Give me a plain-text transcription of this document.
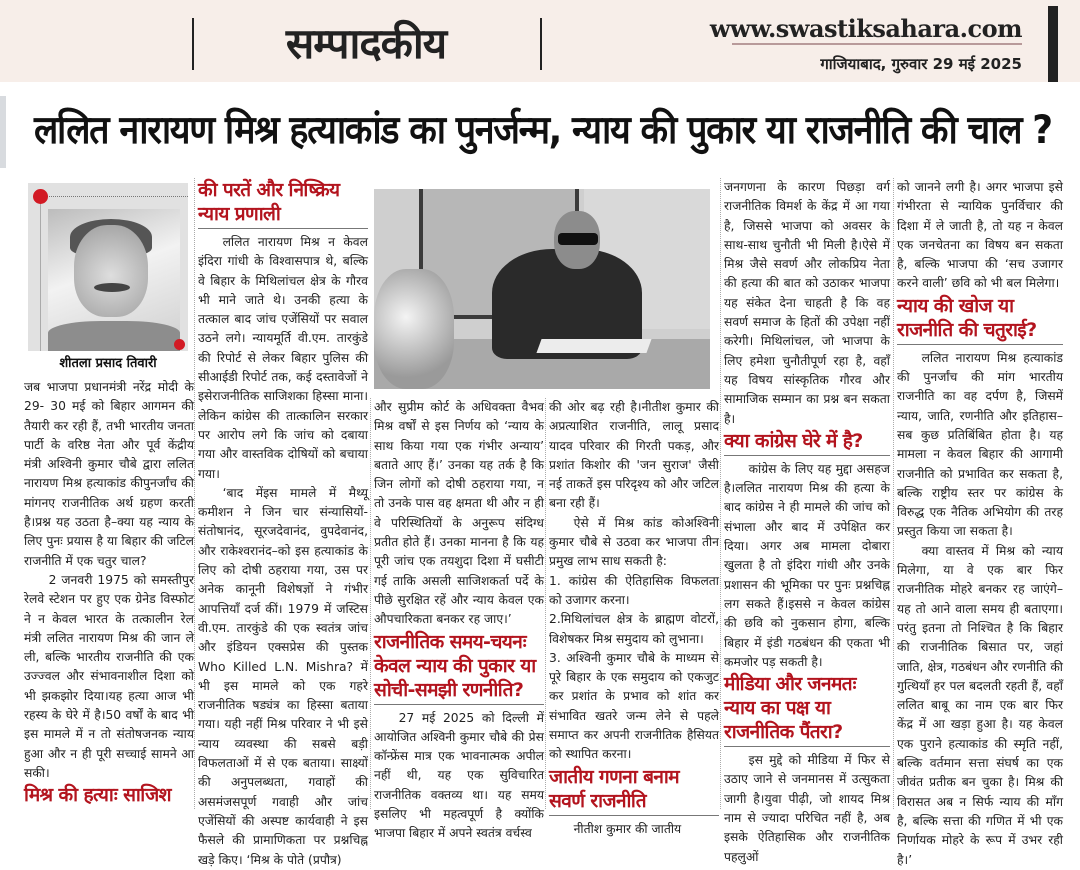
सम्पादकीय	www.swastiksahara.com
गाजियाबाद, गुरुवार 29 मई 2025
ललित नारायण मिश्र हत्याकांड का पुनर्जन्म, न्याय की पुकार या राजनीति की चाल ?
शीतला प्रसाद तिवारी

जब भाजपा प्रधानमंत्री नरेंद्र मोदी के 29- 30 मई को बिहार आगमन की तैयारी कर रही हैं, तभी भारतीय जनता पार्टी के वरिष्ठ नेता और पूर्व केंद्रीय मंत्री अश्विनी कुमार चौबे द्वारा ललित नारायण मिश्र हत्याकांड कीपुनर्जांच की मांगनए राजनीतिक अर्थ ग्रहण करती है।प्रश्न यह उठता है–क्या यह न्याय के लिए पुनः प्रयास है या बिहार की जटिल राजनीति में एक चतुर चाल?

2 जनवरी 1975 को समस्तीपुर रेलवे स्टेशन पर हुए एक ग्रेनेड विस्फोट ने न केवल भारत के तत्कालीन रेल मंत्री ललित नारायण मिश्र की जान ले ली, बल्कि भारतीय राजनीति की एक उज्ज्वल और संभावनाशील दिशा को भी झकझोर दिया।यह हत्या आज भी रहस्य के घेरे में है।50 वर्षों के बाद भी इस मामले में न तो संतोषजनक न्याय हुआ और न ही पूरी सच्चाई सामने आ सकी।

मिश्र की हत्याः साजिश
की परतें और निष्क्रिय न्याय प्रणाली

ललित नारायण मिश्र न केवल इंदिरा गांधी के विश्वासपात्र थे, बल्कि वे बिहार के मिथिलांचल क्षेत्र के गौरव भी माने जाते थे। उनकी हत्या के तत्काल बाद जांच एजेंसियों पर सवाल उठने लगे। न्यायमूर्ति वी.एम. तारकुंडे की रिपोर्ट से लेकर बिहार पुलिस की सीआईडी रिपोर्ट तक, कई दस्तावेजों ने इसेराजनीतिक साजिशका हिस्सा माना। लेकिन कांग्रेस की तात्कालिन सरकार पर आरोप लगे कि जांच को दबाया गया और वास्तविक दोषियों को बचाया गया।

‘बाद मेंइस मामले में मैथ्यू कमीशन ने जिन चार संन्यासियों- संतोषानंद, सूरजदेवानंद, वुपदेवानंद, और राकेश्वरानंद–को इस हत्याकांड के लिए को दोषी ठहराया गया, उस पर अनेक कानूनी विशेषज्ञों ने गंभीर आपत्तियाँ दर्ज कीं। 1979 में जस्टिस वी.एम. तारकुंडे की एक स्वतंत्र जांच और इंडियन एक्सप्रेस की पुस्तक Who Killed L.N. Mishra? में भी इस मामले को एक गहरे राजनीतिक षड्यंत्र का हिस्सा बताया गया। यही नहीं मिश्र परिवार ने भी इसे न्याय व्यवस्था की सबसे बड़ी विफलताओं में से एक बताया। साक्ष्यों की अनुपलब्धता, गवाहों की असमंजसपूर्ण गवाही और जांच एजेंसियों की अस्पष्ट कार्यवाही ने इस फैसले की प्रामाणिकता पर प्रश्नचिह्न खड़े किए। ‘मिश्र के पोते (प्रपौत्र)

और सुप्रीम कोर्ट के अधिवक्ता वैभव मिश्र वर्षों से इस निर्णय को ‘न्याय के साथ किया गया एक गंभीर अन्याय’ बताते आए हैं।’ उनका यह तर्क है कि जिन लोगों को दोषी ठहराया गया, न तो उनके पास वह क्षमता थी और न ही वे परिस्थितियों के अनुरूप संदिग्ध प्रतीत होते हैं। उनका मानना है कि यह पूरी जांच एक तयशुदा दिशा में घसीटी गई ताकि असली साजिशकर्ता पर्दे के पीछे सुरक्षित रहें और न्याय केवल एक औपचारिकता बनकर रह जाए।’

राजनीतिक समय-चयनः केवल न्याय की पुकार या सोची-समझी रणनीति?

27 मई 2025 को दिल्ली में आयोजित अश्विनी कुमार चौबे की प्रेस कॉन्फ्रेंस मात्र एक भावनात्मक अपील नहीं थी, यह एक सुविचारित राजनीतिक वक्तव्य था। यह समय इसलिए भी महत्वपूर्ण है क्योंकि भाजपा बिहार में अपने स्वतंत्र वर्चस्व

की ओर बढ़ रही है।नीतीश कुमार की अप्रत्याशित राजनीति, लालू प्रसाद यादव परिवार की गिरती पकड़, और प्रशांत किशोर की 'जन सुराज' जैसी नई ताकतें इस परिदृश्य को और जटिल बना रही हैं।

ऐसे में मिश्र कांड कोअश्विनी कुमार चौबे से उठवा कर भाजपा तीन प्रमुख लाभ साध सकती है:

1. कांग्रेस की ऐतिहासिक विफलता को उजागर करना।

2.मिथिलांचल क्षेत्र के ब्राह्मण वोटरों, विशेषकर मिश्र समुदाय को लुभाना।

3. अश्विनी कुमार चौबे के माध्यम से पूरे बिहार के एक समुदाय को एकजुट कर प्रशांत के प्रभाव को शांत कर संभावित खतरे जन्म लेने से पहले समाप्त कर अपनी राजनीतिक हैसियत को स्थापित करना।

जातीय गणना बनाम सवर्ण राजनीति

नीतीश कुमार की जातीय

जनगणना के कारण पिछड़ा वर्ग राजनीतिक विमर्श के केंद्र में आ गया है, जिससे भाजपा को अवसर के साथ-साथ चुनौती भी मिली है।ऐसे में मिश्र जैसे सवर्ण और लोकप्रिय नेता की हत्या की बात को उठाकर भाजपा यह संकेत देना चाहती है कि वह सवर्ण समाज के हितों की उपेक्षा नहीं करेगी। मिथिलांचल, जो भाजपा के लिए हमेशा चुनौतीपूर्ण रहा है, वहाँ यह विषय सांस्कृतिक गौरव और सामाजिक सम्मान का प्रश्न बन सकता है।

क्या कांग्रेस घेरे में है?

कांग्रेस के लिए यह मुद्दा असहज है।ललित नारायण मिश्र की हत्या के बाद कांग्रेस ने ही मामले की जांच को संभाला और बाद में उपेक्षित कर दिया। अगर अब मामला दोबारा खुलता है तो इंदिरा गांधी और उनके प्रशासन की भूमिका पर पुनः प्रश्नचिह्न लग सकते हैं।इससे न केवल कांग्रेस की छवि को नुकसान होगा, बल्कि बिहार में इंडी गठबंधन की एकता भी कमजोर पड़ सकती है।

मीडिया और जनमतः न्याय का पक्ष या राजनीतिक पैंतरा?

इस मुद्दे को मीडिया में फिर से उठाए जाने से जनमानस में उत्सुकता जागी है।युवा पीढ़ी, जो शायद मिश्र नाम से ज्यादा परिचित नहीं है, अब इसके ऐतिहासिक और राजनीतिक पहलुओं

को जानने लगी है। अगर भाजपा इसे गंभीरता से न्यायिक पुनर्विचार की दिशा में ले जाती है, तो यह न केवल एक जनचेतना का विषय बन सकता है, बल्कि भाजपा की ‘सच उजागर करने वाली’ छवि को भी बल मिलेगा।

न्याय की खोज या राजनीति की चतुराई?

ललित नारायण मिश्र हत्याकांड की पुनर्जांच की मांग भारतीय राजनीति का वह दर्पण है, जिसमें न्याय, जाति, रणनीति और इतिहास–सब कुछ प्रतिबिंबित होता है। यह मामला न केवल बिहार की आगामी राजनीति को प्रभावित कर सकता है, बल्कि राष्ट्रीय स्तर पर कांग्रेस के विरुद्ध एक नैतिक अभियोग की तरह प्रस्तुत किया जा सकता है।

क्या वास्तव में मिश्र को न्याय मिलेगा, या वे एक बार फिर राजनीतिक मोहरे बनकर रह जाएंगे–यह तो आने वाला समय ही बताएगा। परंतु इतना तो निश्चित है कि बिहार की राजनीतिक बिसात पर, जहां जाति, क्षेत्र, गठबंधन और रणनीति की गुत्थियाँ हर पल बदलती रहती हैं, वहाँ ललित बाबू का नाम एक बार फिर केंद्र में आ खड़ा हुआ है। यह केवल एक पुराने हत्याकांड की स्मृति नहीं, बल्कि वर्तमान सत्ता संघर्ष का एक जीवंत प्रतीक बन चुका है। मिश्र की विरासत अब न सिर्फ न्याय की माँग है, बल्कि सत्ता की गणित में भी एक निर्णायक मोहरे के रूप में उभर रही है।’
